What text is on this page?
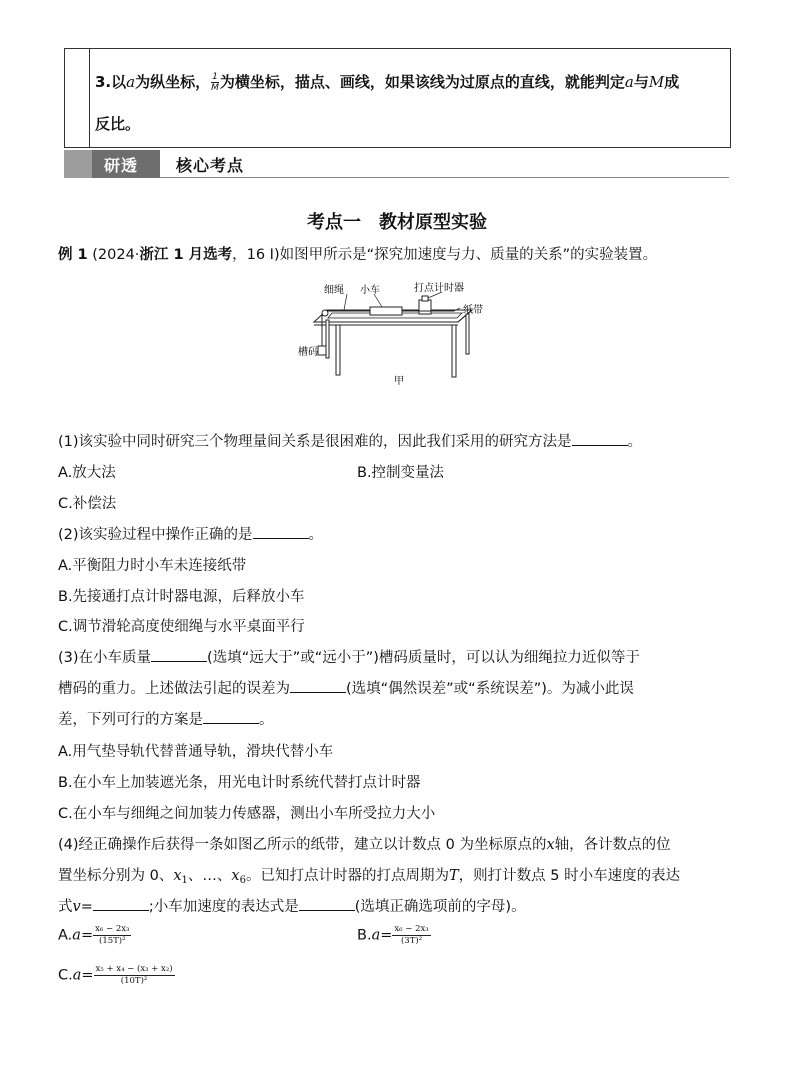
3.以a为纵坐标， $\frac{1}{M}$ 为横坐标，描点、画线，如果该线为过原点的直线，就能判定a与M成
反比。
研透 核心考点
考点一　教材原型实验
例 1 (2024·浙江 1 月选考，16 Ⅰ)如图甲所示是“探究加速度与力、质量的关系”的实验装置。
细绳 小车	打点计时器
纸带
槽码
甲
(1)该实验中同时研究三个物理量间关系是很困难的，因此我们采用的研究方法是	。
A.放大法	B.控制变量法
C.补偿法
(2)该实验过程中操作正确的是	。
A.平衡阻力时小车未连接纸带
B.先接通打点计时器电源，后释放小车
C.调节滑轮高度使细绳与水平桌面平行
(3)在小车质量	(选填“远大于”或“远小于”)槽码质量时，可以认为细绳拉力近似等于
槽码的重力。上述做法引起的误差为	(选填“偶然误差”或“系统误差”)。为减小此误
差，下列可行的方案是	。
A.用气垫导轨代替普通导轨，滑块代替小车
B.在小车上加装遮光条，用光电计时系统代替打点计时器
C.在小车与细绳之间加装力传感器，测出小车所受拉力大小
(4)经正确操作后获得一条如图乙所示的纸带，建立以计数点 0 为坐标原点的x轴，各计数点的位
置坐标分别为 0、$x_1$、…、$x_6$。已知打点计时器的打点周期为T，则打计数点 5 时小车速度的表达
式v=	;小车加速度的表达式是	(选填正确选项前的字母)。
$A.a= \frac{\text{x₆ − 2x₃}}{\text{(15T)²}}$	$B.a= \frac{\text{x₆ − 2x₃}}{\text{(3T)²}}$
$C.a= \frac{\text{x₅ + x₄ − (x₃ + x₂)}}{\text{(10T)²}}$
